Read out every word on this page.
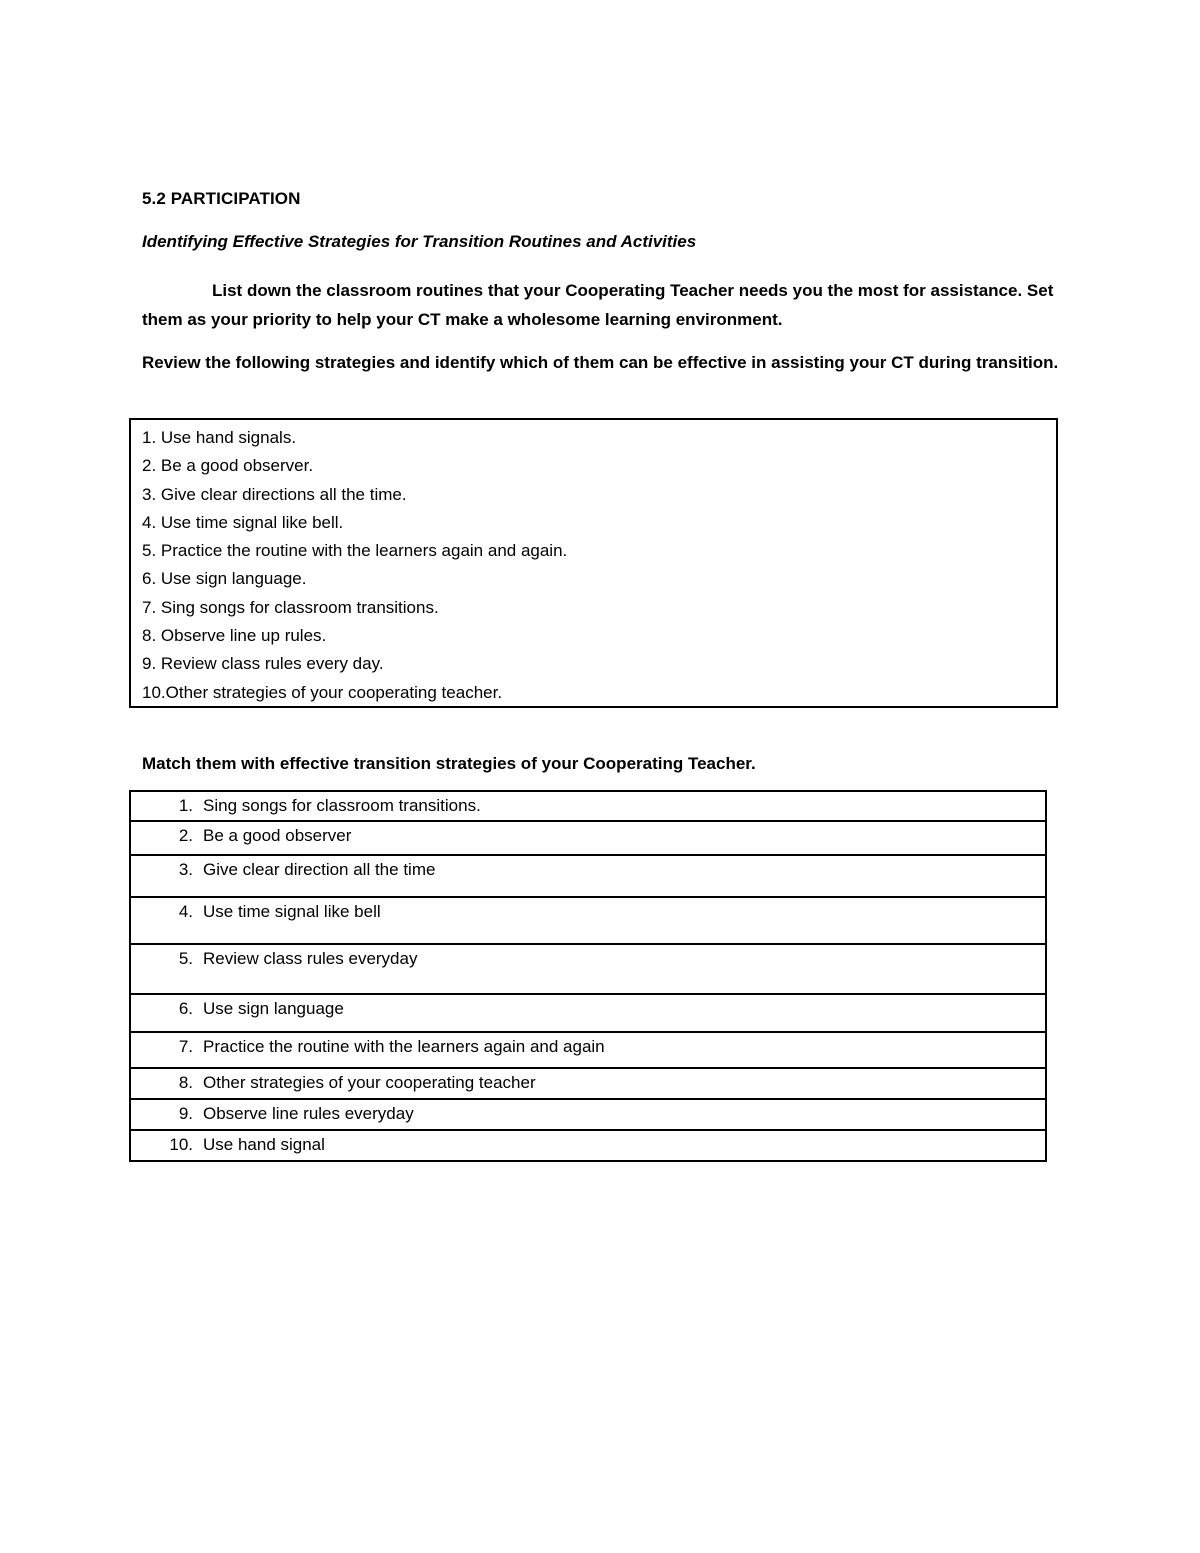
5.2 PARTICIPATION
Identifying Effective Strategies for Transition Routines and Activities
List down the classroom routines that your Cooperating Teacher needs you the most for assistance. Set them as your priority to help your CT make a wholesome learning environment.
Review the following strategies and identify which of them can be effective in assisting your CT during transition.
1. Use hand signals.
2. Be a good observer.
3. Give clear directions all the time.
4. Use time signal like bell.
5. Practice the routine with the learners again and again.
6. Use sign language.
7. Sing songs for classroom transitions.
8. Observe line up rules.
9. Review class rules every day.
10.Other strategies of your cooperating teacher.
Match them with effective transition strategies of your Cooperating Teacher.
1. Sing songs for classroom transitions.
2. Be a good observer
3. Give clear direction all the time
4. Use time signal like bell
5. Review class rules everyday
6. Use sign language
7. Practice the routine with the learners again and again
8. Other strategies of your cooperating teacher
9. Observe line rules everyday
10. Use hand signal
